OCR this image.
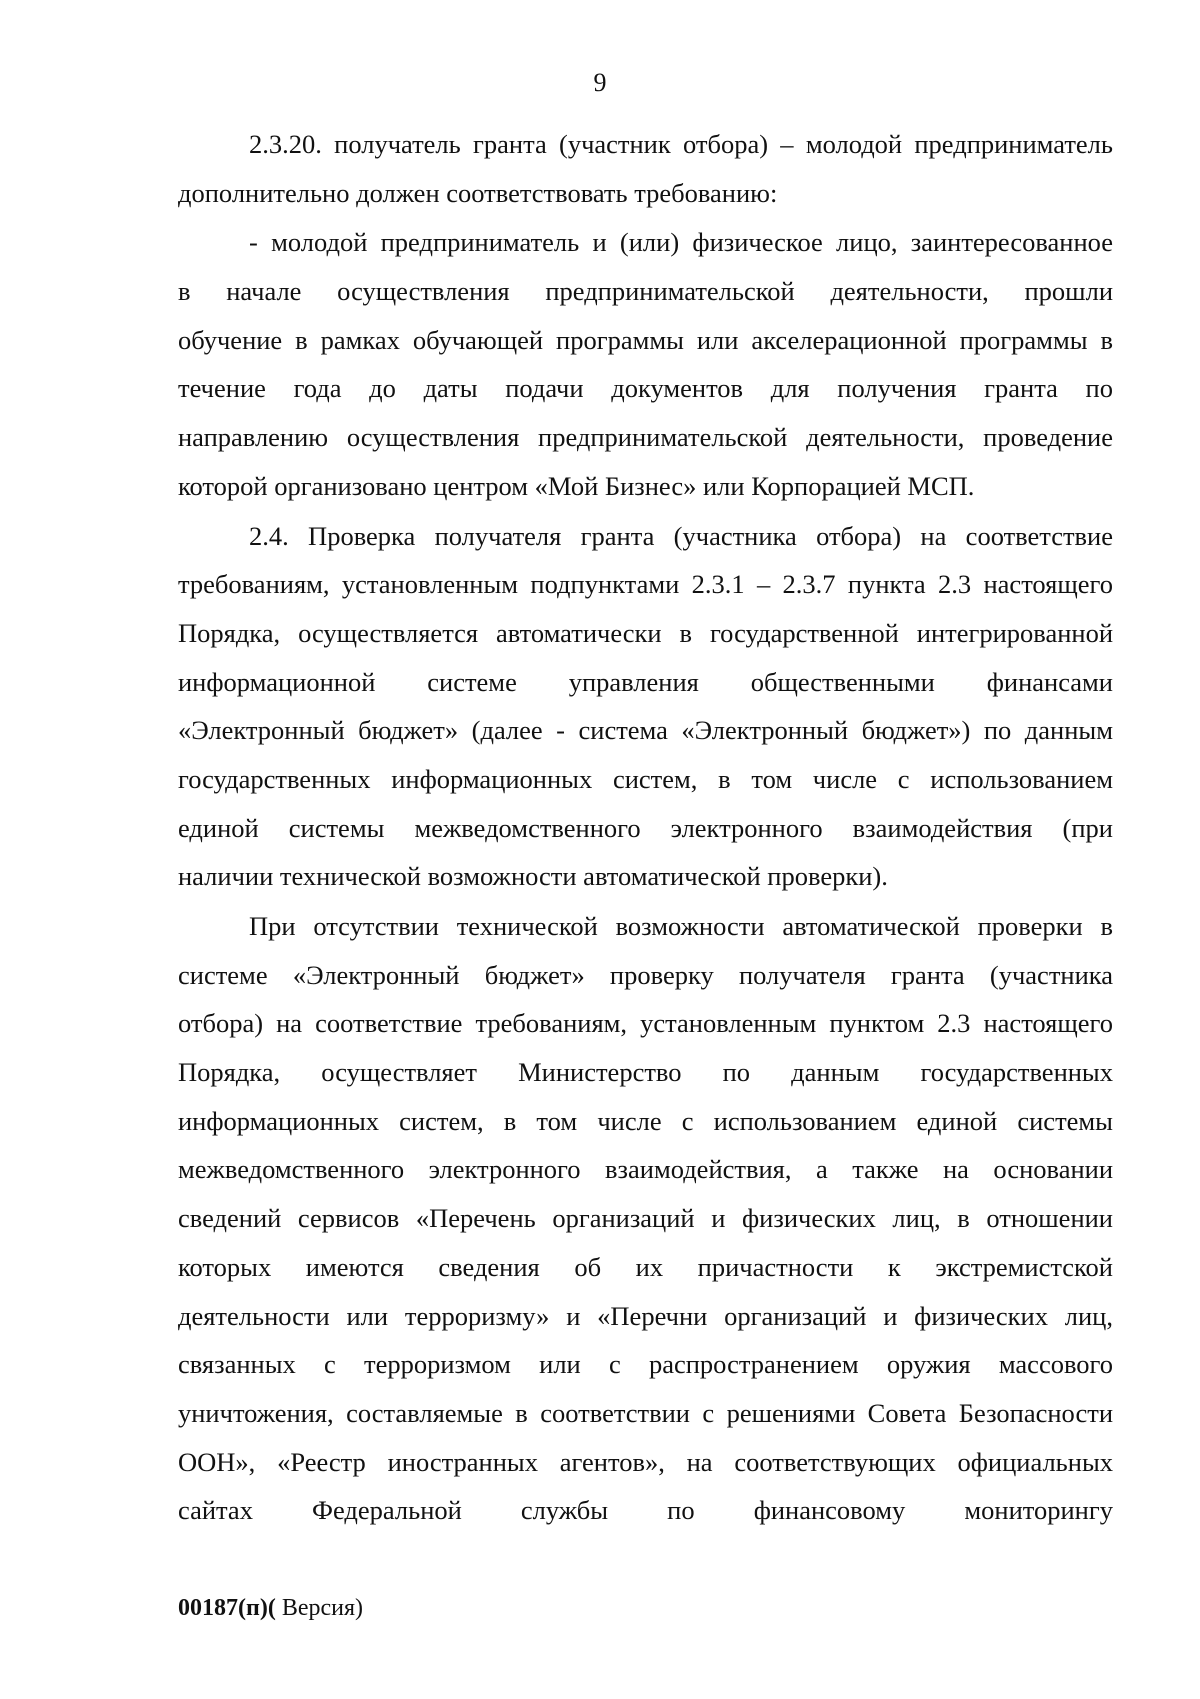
9
2.3.20. получатель гранта (участник отбора) – молодой предприниматель
дополнительно должен соответствовать требованию:
- молодой предприниматель и (или) физическое лицо, заинтересованное
в начале осуществления предпринимательской деятельности, прошли
обучение в рамках обучающей программы или акселерационной программы в
течение года до даты подачи документов для получения гранта по
направлению осуществления предпринимательской деятельности, проведение
которой организовано центром «Мой Бизнес» или Корпорацией МСП.
2.4. Проверка получателя гранта (участника отбора) на соответствие
требованиям, установленным подпунктами 2.3.1 – 2.3.7 пункта 2.3 настоящего
Порядка, осуществляется автоматически в государственной интегрированной
информационной системе управления общественными финансами
«Электронный бюджет» (далее - система «Электронный бюджет») по данным
государственных информационных систем, в том числе с использованием
единой системы межведомственного электронного взаимодействия (при
наличии технической возможности автоматической проверки).
При отсутствии технической возможности автоматической проверки в
системе «Электронный бюджет» проверку получателя гранта (участника
отбора) на соответствие требованиям, установленным пунктом 2.3 настоящего
Порядка, осуществляет Министерство по данным государственных
информационных систем, в том числе с использованием единой системы
межведомственного электронного взаимодействия, а также на основании
сведений сервисов «Перечень организаций и физических лиц, в отношении
которых имеются сведения об их причастности к экстремистской
деятельности или терроризму» и «Перечни организаций и физических лиц,
связанных с терроризмом или с распространением оружия массового
уничтожения, составляемые в соответствии с решениями Совета Безопасности
ООН», «Реестр иностранных агентов», на соответствующих официальных
сайтах Федеральной службы по финансовому мониторингу
00187(п)( Версия)
